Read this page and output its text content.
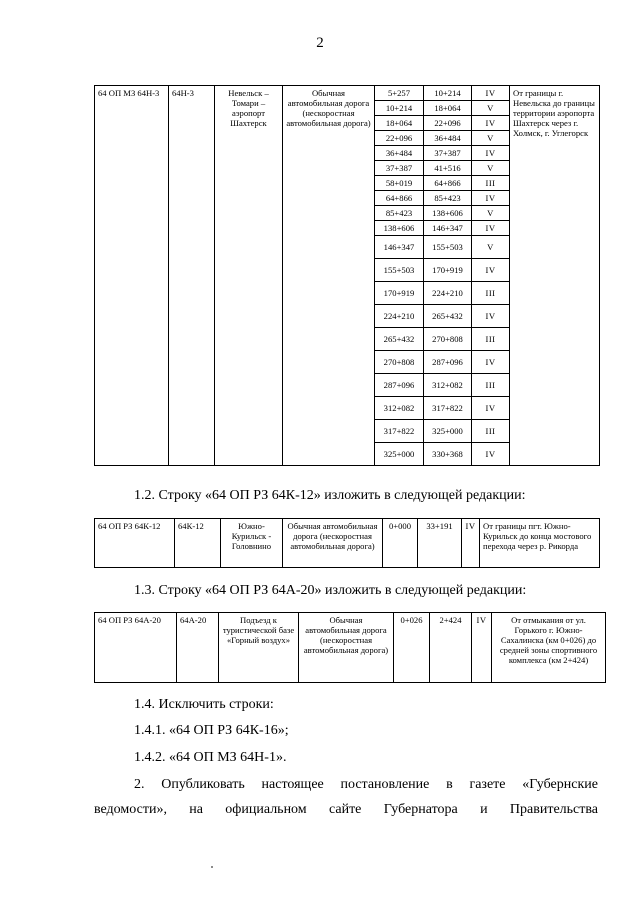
2
64 ОП МЗ 64Н-3	64Н-3	Невельск – Томари – аэропорт Шахтерск	Обычная автомобильная дорога (нескоростная автомобильная дорога)	5+257	10+214	IV	От границы г. Невельска до границы территории аэропорта Шахтерск через г. Холмск, г. Углегорск
				10+214	18+064	V	
				18+064	22+096	IV	
				22+096	36+484	V	
				36+484	37+387	IV	
				37+387	41+516	V	
				58+019	64+866	III	
				64+866	85+423	IV	
				85+423	138+606	V	
				138+606	146+347	IV	
				146+347	155+503	V	
				155+503	170+919	IV	
				170+919	224+210	III	
				224+210	265+432	IV	
				265+432	270+808	III	
				270+808	287+096	IV	
				287+096	312+082	III	
				312+082	317+822	IV	
				317+822	325+000	III	
				325+000	330+368	IV	
1.2. Строку «64 ОП РЗ 64К-12» изложить в следующей редакции:
64 ОП РЗ 64К-12	64К-12	Южно-Курильск - Головнино	Обычная автомобильная дорога (нескоростная автомобильная дорога)	0+000	33+191	IV	От границы пгт. Южно-Курильск до конца мостового перехода через р. Рикорда
1.3. Строку «64 ОП РЗ 64А-20» изложить в следующей редакции:
64 ОП РЗ 64А-20	64А-20	Подъезд к туристической базе «Горный воздух»	Обычная автомобильная дорога (нескоростная автомобильная дорога)	0+026	2+424	IV	От отмыкания от ул. Горького г. Южно-Сахалинска (км 0+026) до средней зоны спортивного комплекса (км 2+424)
1.4. Исключить строки:
1.4.1. «64 ОП РЗ 64К-16»;
1.4.2. «64 ОП МЗ 64Н-1».
2. Опубликовать настоящее постановление в газете «Губернские
ведомости», на официальном сайте Губернатора и Правительства
